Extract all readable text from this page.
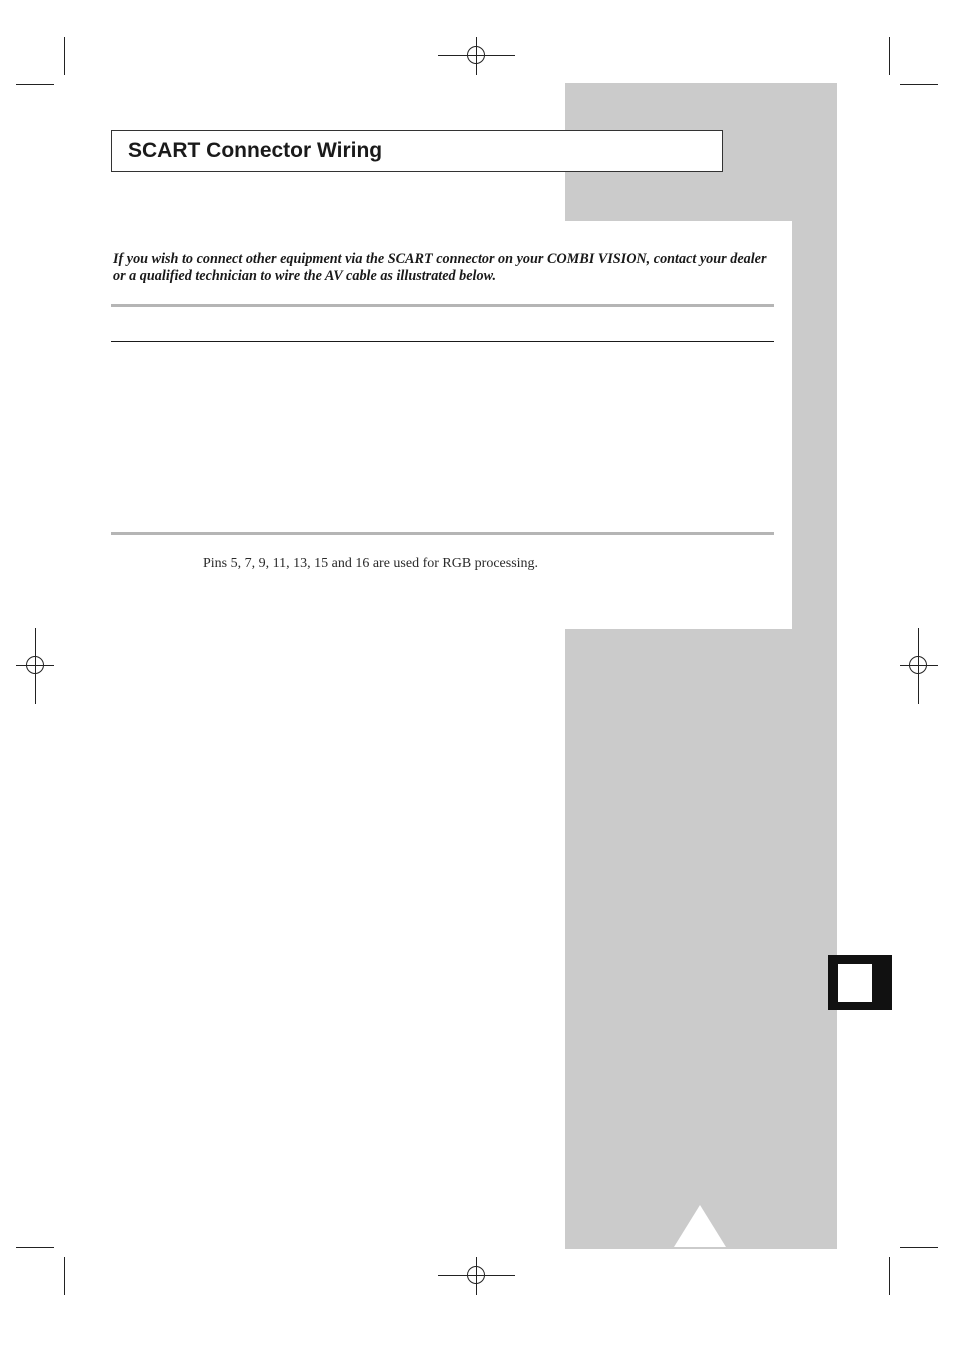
SCART Connector Wiring
If you wish to connect other equipment via the SCART connector on your COMBI VISION, contact your dealer or a qualified technician to wire the AV cable as illustrated below.
Pins 5, 7, 9, 11, 13, 15 and 16 are used for RGB processing.
